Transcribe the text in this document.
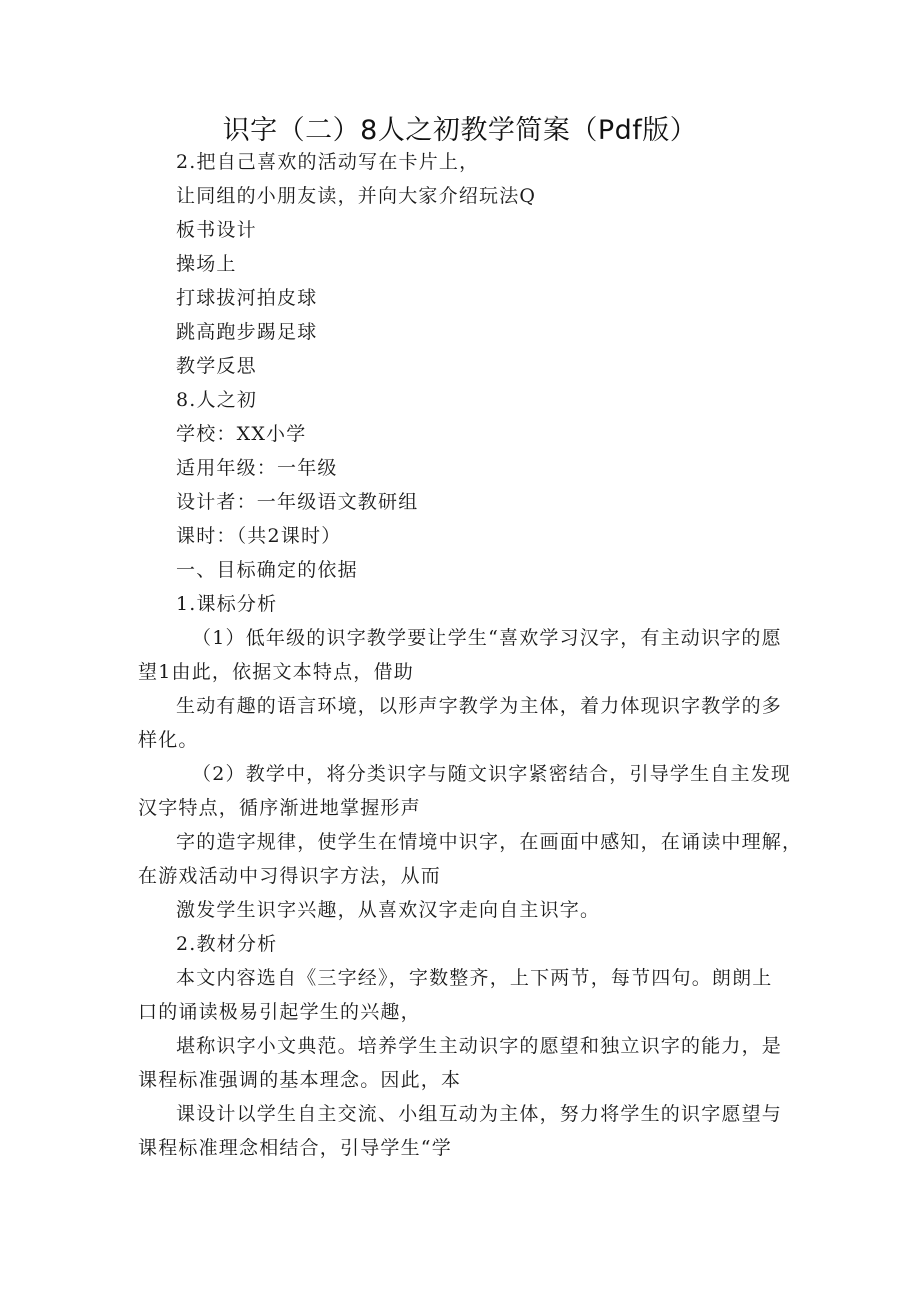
识字（二）8人之初教学简案（Pdf版）
2.把自己喜欢的活动写在卡片上，
让同组的小朋友读，并向大家介绍玩法Q
板书设计
操场上
打球拔河拍皮球
跳高跑步踢足球
教学反思
8.人之初
学校：XX小学
适用年级：一年级
设计者：一年级语文教研组
课时：（共2课时）
一、目标确定的依据
1.课标分析
（1）低年级的识字教学要让学生“喜欢学习汉字，有主动识字的愿
望1由此，依据文本特点，借助
生动有趣的语言环境，以形声字教学为主体，着力体现识字教学的多
样化。
（2）教学中，将分类识字与随文识字紧密结合，引导学生自主发现
汉字特点，循序渐进地掌握形声
字的造字规律，使学生在情境中识字，在画面中感知，在诵读中理解，
在游戏活动中习得识字方法，从而
激发学生识字兴趣，从喜欢汉字走向自主识字。
2.教材分析
本文内容选自《三字经》，字数整齐，上下两节，每节四句。朗朗上
口的诵读极易引起学生的兴趣，
堪称识字小文典范。培养学生主动识字的愿望和独立识字的能力，是
课程标准强调的基本理念。因此，本
课设计以学生自主交流、小组互动为主体，努力将学生的识字愿望与
课程标准理念相结合，引导学生“学
